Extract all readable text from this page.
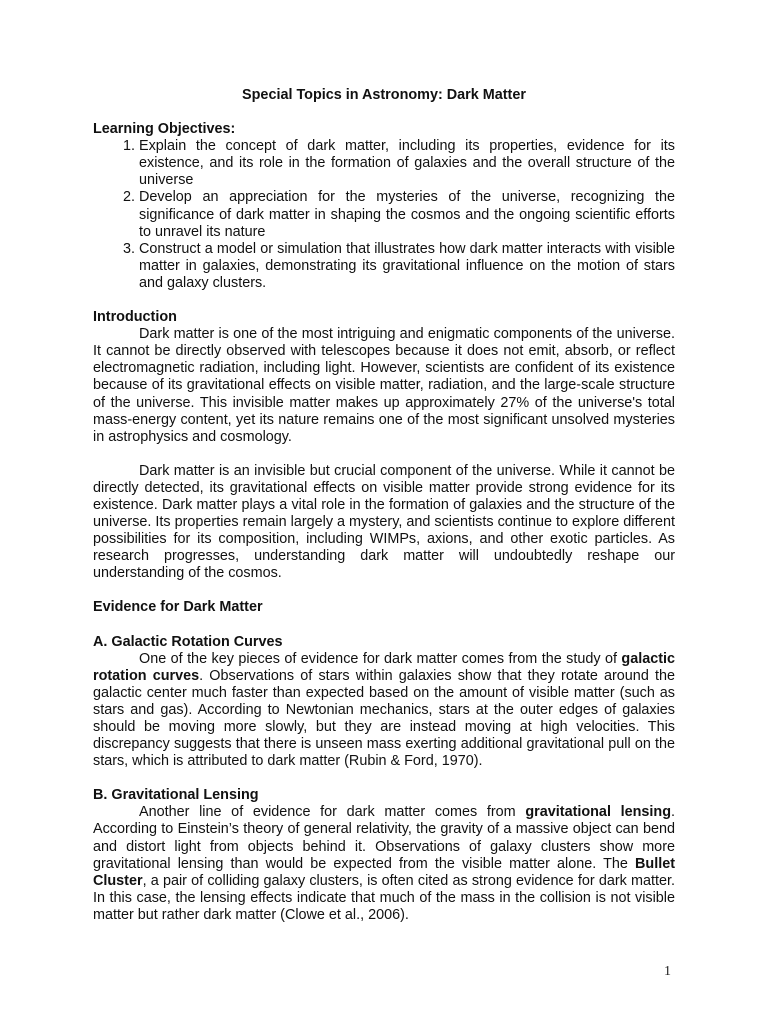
Special Topics in Astronomy: Dark Matter
Learning Objectives:
1. Explain the concept of dark matter, including its properties, evidence for its existence, and its role in the formation of galaxies and the overall structure of the universe
2. Develop an appreciation for the mysteries of the universe, recognizing the significance of dark matter in shaping the cosmos and the ongoing scientific efforts to unravel its nature
3. Construct a model or simulation that illustrates how dark matter interacts with visible matter in galaxies, demonstrating its gravitational influence on the motion of stars and galaxy clusters.
Introduction

Dark matter is one of the most intriguing and enigmatic components of the universe. It cannot be directly observed with telescopes because it does not emit, absorb, or reflect electromagnetic radiation, including light. However, scientists are confident of its existence because of its gravitational effects on visible matter, radiation, and the large-scale structure of the universe. This invisible matter makes up approximately 27% of the universe's total mass-energy content, yet its nature remains one of the most significant unsolved mysteries in astrophysics and cosmology.

Dark matter is an invisible but crucial component of the universe. While it cannot be directly detected, its gravitational effects on visible matter provide strong evidence for its existence. Dark matter plays a vital role in the formation of galaxies and the structure of the universe. Its properties remain largely a mystery, and scientists continue to explore different possibilities for its composition, including WIMPs, axions, and other exotic particles. As research progresses, understanding dark matter will undoubtedly reshape our understanding of the cosmos.

Evidence for Dark Matter
A. Galactic Rotation Curves

One of the key pieces of evidence for dark matter comes from the study of galactic rotation curves. Observations of stars within galaxies show that they rotate around the galactic center much faster than expected based on the amount of visible matter (such as stars and gas). According to Newtonian mechanics, stars at the outer edges of galaxies should be moving more slowly, but they are instead moving at high velocities. This discrepancy suggests that there is unseen mass exerting additional gravitational pull on the stars, which is attributed to dark matter (Rubin & Ford, 1970).

B. Gravitational Lensing

Another line of evidence for dark matter comes from gravitational lensing. According to Einstein’s theory of general relativity, the gravity of a massive object can bend and distort light from objects behind it. Observations of galaxy clusters show more gravitational lensing than would be expected from the visible matter alone. The Bullet Cluster, a pair of colliding galaxy clusters, is often cited as strong evidence for dark matter. In this case, the lensing effects indicate that much of the mass in the collision is not visible matter but rather dark matter (Clowe et al., 2006).

1
